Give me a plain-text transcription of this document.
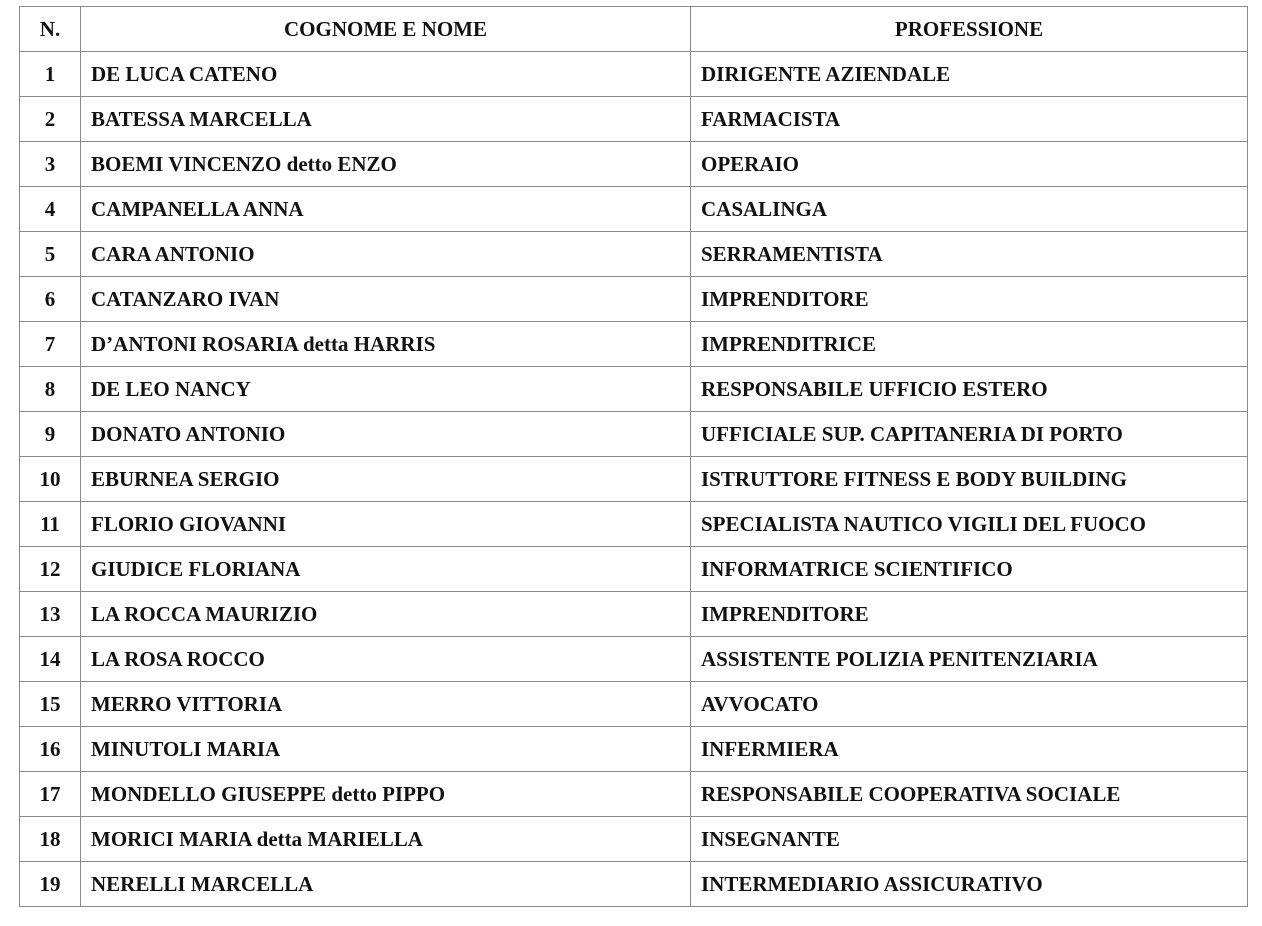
N.	COGNOME E NOME	PROFESSIONE
1	DE LUCA CATENO	DIRIGENTE AZIENDALE
2	BATESSA MARCELLA	FARMACISTA
3	BOEMI VINCENZO detto ENZO	OPERAIO
4	CAMPANELLA ANNA	CASALINGA
5	CARA ANTONIO	SERRAMENTISTA
6	CATANZARO IVAN	IMPRENDITORE
7	D’ANTONI ROSARIA detta HARRIS	IMPRENDITRICE
8	DE LEO NANCY	RESPONSABILE UFFICIO ESTERO
9	DONATO ANTONIO	UFFICIALE SUP. CAPITANERIA DI PORTO
10	EBURNEA SERGIO	ISTRUTTORE FITNESS E BODY BUILDING
11	FLORIO GIOVANNI	SPECIALISTA NAUTICO VIGILI DEL FUOCO
12	GIUDICE FLORIANA	INFORMATRICE SCIENTIFICO
13	LA ROCCA MAURIZIO	IMPRENDITORE
14	LA ROSA ROCCO	ASSISTENTE POLIZIA PENITENZIARIA
15	MERRO VITTORIA	AVVOCATO
16	MINUTOLI MARIA	INFERMIERA
17	MONDELLO GIUSEPPE detto PIPPO	RESPONSABILE COOPERATIVA SOCIALE
18	MORICI MARIA detta MARIELLA	INSEGNANTE
19	NERELLI MARCELLA	INTERMEDIARIO ASSICURATIVO
